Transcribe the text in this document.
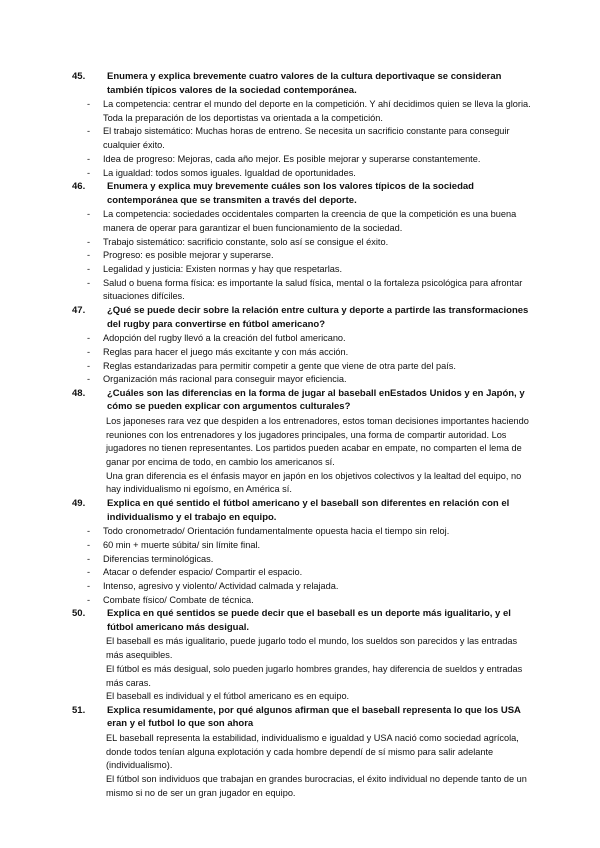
45.	Enumera y explica brevemente cuatro valores de la cultura deportivaque se consideran también típicos valores de la sociedad contemporánea.
- La competencia: centrar el mundo del deporte en la competición. Y ahí decidimos quien se lleva la gloria. Toda la preparación de los deportistas va orientada a la competición.
- El trabajo sistemático: Muchas horas de entreno. Se necesita un sacrificio constante para conseguir cualquier éxito.
- Idea de progreso: Mejoras, cada año mejor. Es posible mejorar y superarse constantemente.
- La igualdad: todos somos iguales. Igualdad de oportunidades.
46.	Enumera y explica muy brevemente cuáles son los valores típicos de la sociedad contemporánea que se transmiten a través del deporte.
- La competencia: sociedades occidentales comparten la creencia de que la competición es una buena manera de operar para garantizar el buen funcionamiento de la sociedad.
- Trabajo sistemático: sacrificio constante, solo así se consigue el éxito.
- Progreso: es posible mejorar y superarse.
- Legalidad y justicia: Existen normas y hay que respetarlas.
- Salud o buena forma física: es importante la salud física, mental o la fortaleza psicológica para afrontar situaciones difíciles.
47.	¿Qué se puede decir sobre la relación entre cultura y deporte a partirde las transformaciones del rugby para convertirse en fútbol americano?
- Adopción del rugby llevó a la creación del futbol americano.
- Reglas para hacer el juego más excitante y con más acción.
- Reglas estandarizadas para permitir competir a gente que viene de otra parte del país.
- Organización más racional para conseguir mayor eficiencia.
48.	¿Cuáles son las diferencias en la forma de jugar al baseball enEstados Unidos y en Japón, y cómo se pueden explicar con argumentos culturales?
Los japoneses rara vez que despiden a los entrenadores, estos toman decisiones importantes haciendo reuniones con los entrenadores y los jugadores principales, una forma de compartir autoridad. Los jugadores no tienen representantes. Los partidos pueden acabar en empate, no comparten el lema de ganar por encima de todo, en cambio los americanos sí.
Una gran diferencia es el énfasis mayor en japón en los objetivos colectivos y la lealtad del equipo, no hay individualismo ni egoísmo, en América sí.
49.	Explica en qué sentido el fútbol americano y el baseball son diferentes en relación con el individualismo y el trabajo en equipo.
- Todo cronometrado/ Orientación fundamentalmente opuesta hacia el tiempo sin reloj.
- 60 min + muerte súbita/ sin límite final.
- Diferencias terminológicas.
- Atacar o defender espacio/ Compartir el espacio.
- Intenso, agresivo y violento/ Actividad calmada y relajada.
- Combate físico/ Combate de técnica.
50.	Explica en qué sentidos se puede decir que el baseball es un deporte más igualitario, y el fútbol americano más desigual.
El baseball es más igualitario, puede jugarlo todo el mundo, los sueldos son parecidos y las entradas más asequibles.
El fútbol es más desigual, solo pueden jugarlo hombres grandes, hay diferencia de sueldos y entradas más caras.
El baseball es individual y el fútbol americano es en equipo.
51.	Explica resumidamente, por qué algunos afirman que el baseball representa lo que los USA eran y el futbol lo que son ahora
EL baseball representa la estabilidad, individualismo e igualdad y USA nació como sociedad agrícola, donde todos tenían alguna explotación y cada hombre dependí de sí mismo para salir adelante (individualismo).
El fútbol son individuos que trabajan en grandes burocracias, el éxito individual no depende tanto de un mismo si no de ser un gran jugador en equipo.
